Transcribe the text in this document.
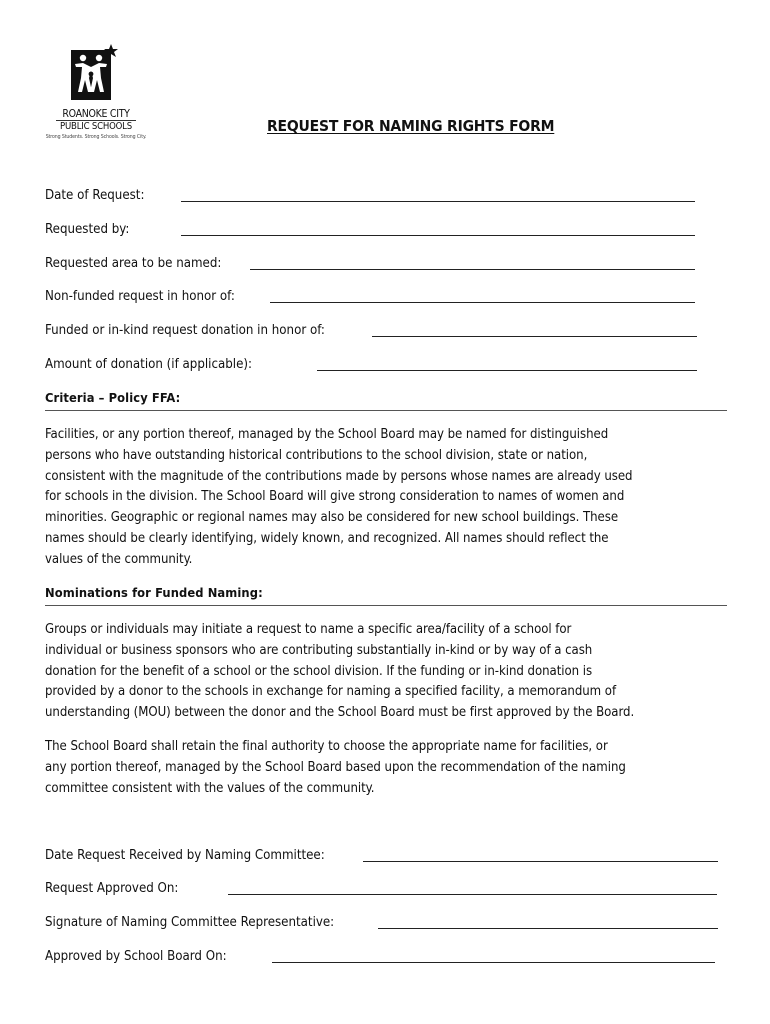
ROANOKE CITY
PUBLIC SCHOOLS
Strong Students. Strong Schools. Strong City.
REQUEST FOR NAMING RIGHTS FORM
Date of Request:
Requested by:
Requested area to be named:
Non-funded request in honor of:
Funded or in-kind request donation in honor of:
Amount of donation (if applicable):
Criteria – Policy FFA:
Facilities, or any portion thereof, managed by the School Board may be named for distinguished
persons who have outstanding historical contributions to the school division, state or nation,
consistent with the magnitude of the contributions made by persons whose names are already used
for schools in the division. The School Board will give strong consideration to names of women and
minorities. Geographic or regional names may also be considered for new school buildings. These
names should be clearly identifying, widely known, and recognized. All names should reflect the
values of the community.
Nominations for Funded Naming:
Groups or individuals may initiate a request to name a specific area/facility of a school for
individual or business sponsors who are contributing substantially in-kind or by way of a cash
donation for the benefit of a school or the school division. If the funding or in-kind donation is
provided by a donor to the schools in exchange for naming a specified facility, a memorandum of
understanding (MOU) between the donor and the School Board must be first approved by the Board.
The School Board shall retain the final authority to choose the appropriate name for facilities, or
any portion thereof, managed by the School Board based upon the recommendation of the naming
committee consistent with the values of the community.
Date Request Received by Naming Committee:
Request Approved On:
Signature of Naming Committee Representative:
Approved by School Board On:
